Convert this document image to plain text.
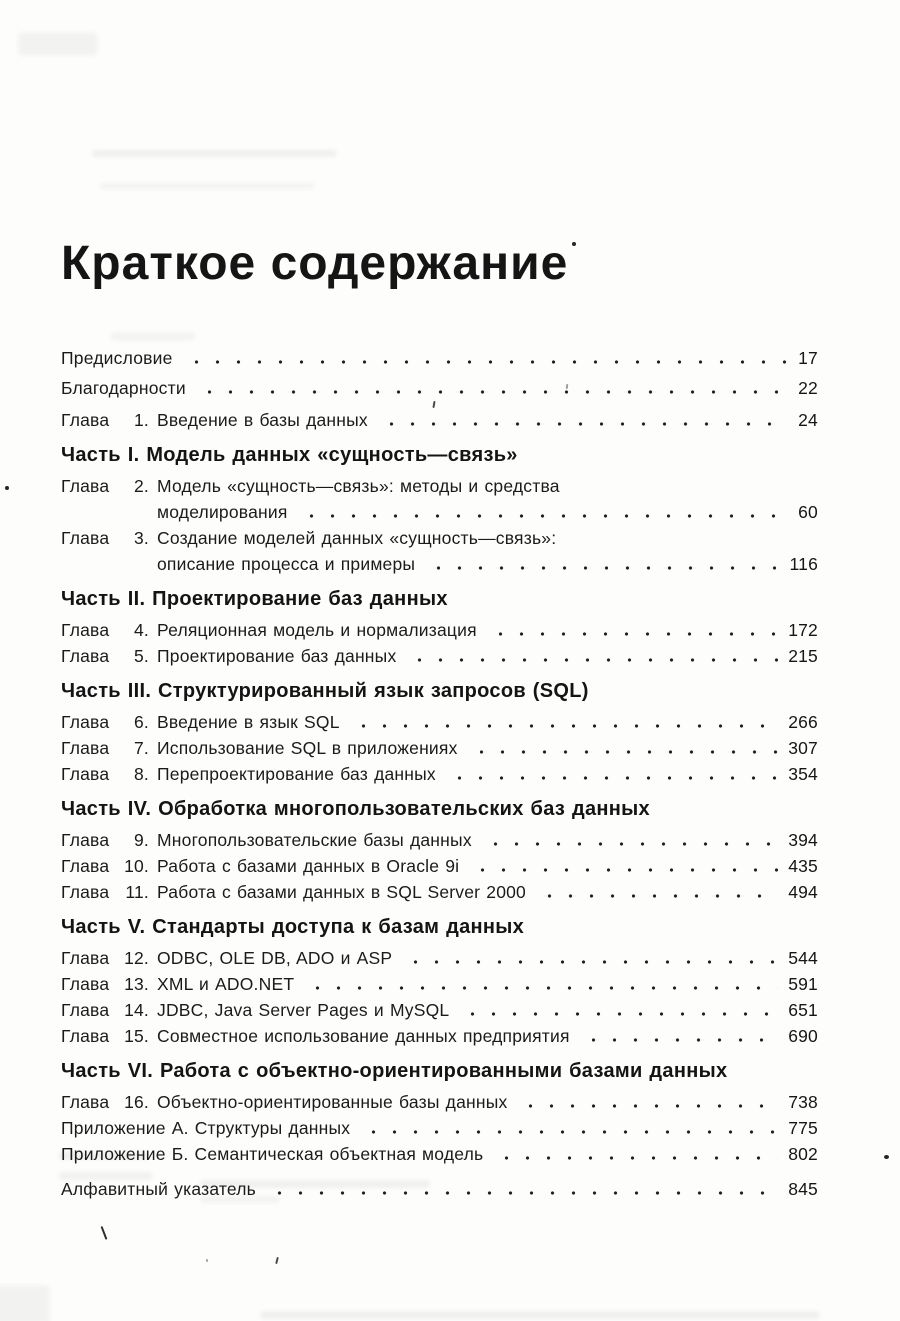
Краткое содержание
Предисловие	17
Благодарности	22
Глава 1. Введение в базы данных	24
Часть I. Модель данных «сущность—связь»
Глава 2. Модель «сущность—связь»: методы и средства
моделирования	60
Глава 3. Создание моделей данных «сущность—связь»:
описание процесса и примеры	116
Часть II. Проектирование баз данных
Глава 4. Реляционная модель и нормализация	172
Глава 5. Проектирование баз данных	215
Часть III. Структурированный язык запросов (SQL)
Глава 6. Введение в язык SQL	266
Глава 7. Использование SQL в приложениях	307
Глава 8. Перепроектирование баз данных	354
Часть IV. Обработка многопользовательских баз данных
Глава 9. Многопользовательские базы данных	394
Глава 10. Работа с базами данных в Oracle 9i	435
Глава 11. Работа с базами данных в SQL Server 2000	494
Часть V. Стандарты доступа к базам данных
Глава 12. ODBC, OLE DB, ADO и ASP	544
Глава 13. XML и ADO.NET	591
Глава 14. JDBC, Java Server Pages и MySQL	651
Глава 15. Совместное использование данных предприятия	690
Часть VI. Работа с объектно-ориентированными базами данных
Глава 16. Объектно-ориентированные базы данных	738
Приложение А. Структуры данных	775
Приложение Б. Семантическая объектная модель	802
Алфавитный указатель	845
